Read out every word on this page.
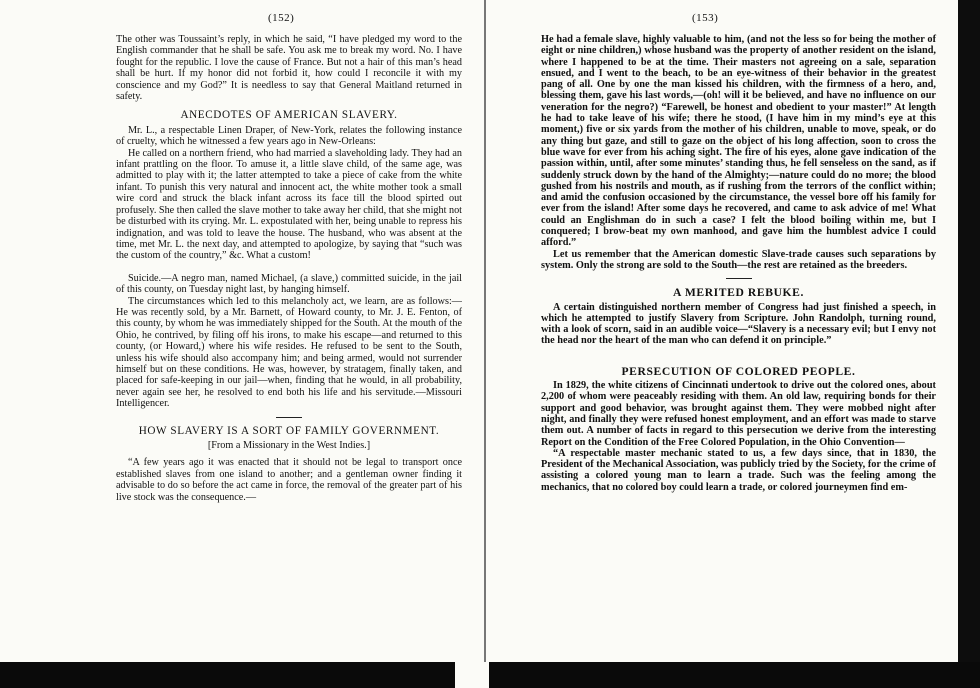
(152)

The other was Toussaint’s reply, in which he said, “I have pledged my word to the English commander that he shall be safe. You ask me to break my word. No. I have fought for the republic. I love the cause of France. But not a hair of this man’s head shall be hurt. If my honor did not forbid it, how could I reconcile it with my conscience and my God?” It is needless to say that General Maitland returned in safety.

ANECDOTES OF AMERICAN SLAVERY.

Mr. L., a respectable Linen Draper, of New-York, relates the following instance of cruelty, which he witnessed a few years ago in New-Orleans:

He called on a northern friend, who had married a slaveholding lady. They had an infant prattling on the floor. To amuse it, a little slave child, of the same age, was admitted to play with it; the latter attempted to take a piece of cake from the white infant. To punish this very natural and innocent act, the white mother took a small wire cord and struck the black infant across its face till the blood spirted out profusely. She then called the slave mother to take away her child, that she might not be disturbed with its crying. Mr. L. expostulated with her, being unable to repress his indignation, and was told to leave the house. The husband, who was absent at the time, met Mr. L. the next day, and attempted to apologize, by saying that “such was the custom of the country,” &c. What a custom!

Suicide.—A negro man, named Michael, (a slave,) committed suicide, in the jail of this county, on Tuesday night last, by hanging himself.

The circumstances which led to this melancholy act, we learn, are as follows:—He was recently sold, by a Mr. Barnett, of Howard county, to Mr. J. E. Fenton, of this county, by whom he was immediately shipped for the South. At the mouth of the Ohio, he contrived, by filing off his irons, to make his escape—and returned to this county, (or Howard,) where his wife resides. He refused to be sent to the South, unless his wife should also accompany him; and being armed, would not surrender himself but on these conditions. He was, however, by stratagem, finally taken, and placed for safe-keeping in our jail—when, finding that he would, in all probability, never again see her, he resolved to end both his life and his servitude.—Missouri Intelligencer.

HOW SLAVERY IS A SORT OF FAMILY GOVERNMENT.
[From a Missionary in the West Indies.]

“A few years ago it was enacted that it should not be legal to transport once established slaves from one island to another; and a gentleman owner finding it advisable to do so before the act came in force, the removal of the greater part of his live stock was the consequence.—

(153)

He had a female slave, highly valuable to him, (and not the less so for being the mother of eight or nine children,) whose husband was the property of another resident on the island, where I happened to be at the time. Their masters not agreeing on a sale, separation ensued, and I went to the beach, to be an eye-witness of their behavior in the greatest pang of all. One by one the man kissed his children, with the firmness of a hero, and, blessing them, gave his last words,—(oh! will it be believed, and have no influence on our veneration for the negro?) “Farewell, be honest and obedient to your master!” At length he had to take leave of his wife; there he stood, (I have him in my mind’s eye at this moment,) five or six yards from the mother of his children, unable to move, speak, or do any thing but gaze, and still to gaze on the object of his long affection, soon to cross the blue wave for ever from his aching sight. The fire of his eyes, alone gave indication of the passion within, until, after some minutes’ standing thus, he fell senseless on the sand, as if suddenly struck down by the hand of the Almighty;—nature could do no more; the blood gushed from his nostrils and mouth, as if rushing from the terrors of the conflict within; and amid the confusion occasioned by the circumstance, the vessel bore off his family for ever from the island! After some days he recovered, and came to ask advice of me! What could an Englishman do in such a case? I felt the blood boiling within me, but I conquered; I brow-beat my own manhood, and gave him the humblest advice I could afford.”

Let us remember that the American domestic Slave-trade causes such separations by system. Only the strong are sold to the South—the rest are retained as the breeders.

A MERITED REBUKE.

A certain distinguished northern member of Congress had just finished a speech, in which he attempted to justify Slavery from Scripture. John Randolph, turning round, with a look of scorn, said in an audible voice—“Slavery is a necessary evil; but I envy not the head nor the heart of the man who can defend it on principle.”

PERSECUTION OF COLORED PEOPLE.

In 1829, the white citizens of Cincinnati undertook to drive out the colored ones, about 2,200 of whom were peaceably residing with them. An old law, requiring bonds for their support and good behavior, was brought against them. They were mobbed night after night, and finally they were refused honest employment, and an effort was made to starve them out. A number of facts in regard to this persecution we derive from the interesting Report on the Condition of the Free Colored Population, in the Ohio Convention—

“A respectable master mechanic stated to us, a few days since, that in 1830, the President of the Mechanical Association, was publicly tried by the Society, for the crime of assisting a colored young man to learn a trade. Such was the feeling among the mechanics, that no colored boy could learn a trade, or colored journeymen find em-
